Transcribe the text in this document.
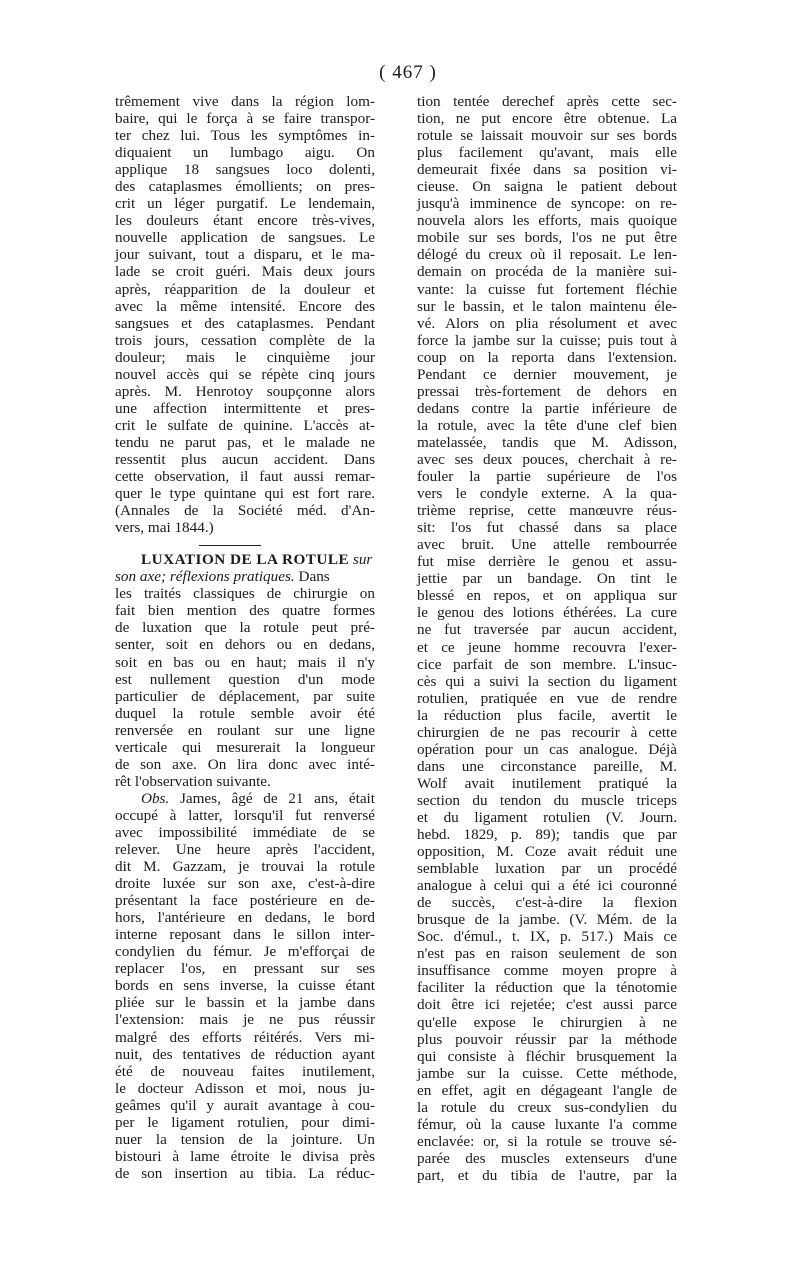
( 467 )

trêmement vive dans la région lom-
baire, qui le força à se faire transpor-
ter chez lui. Tous les symptômes in-
diquaient un lumbago aigu. On
applique 18 sangsues loco dolenti,
des cataplasmes émollients; on pres-
crit un léger purgatif. Le lendemain,
les douleurs étant encore très-vives,
nouvelle application de sangsues. Le
jour suivant, tout a disparu, et le ma-
lade se croit guéri. Mais deux jours
après, réapparition de la douleur et
avec la même intensité. Encore des
sangsues et des cataplasmes. Pendant
trois jours, cessation complète de la
douleur; mais le cinquième jour
nouvel accès qui se répète cinq jours
après. M. Henrotoy soupçonne alors
une affection intermittente et pres-
crit le sulfate de quinine. L'accès at-
tendu ne parut pas, et le malade ne
ressentit plus aucun accident. Dans
cette observation, il faut aussi remar-
quer le type quintane qui est fort rare.
(Annales de la Société méd. d'An-
vers, mai 1844.)

LUXATION DE LA ROTULE sur son axe; réflexions pratiques. Dans

les traités classiques de chirurgie on
fait bien mention des quatre formes
de luxation que la rotule peut pré-
senter, soit en dehors ou en dedans,
soit en bas ou en haut; mais il n'y
est nullement question d'un mode
particulier de déplacement, par suite
duquel la rotule semble avoir été
renversée en roulant sur une ligne
verticale qui mesurerait la longueur
de son axe. On lira donc avec inté-
rêt l'observation suivante.

Obs. James, âgé de 21 ans, était
occupé à latter, lorsqu'il fut renversé
avec impossibilité immédiate de se
relever. Une heure après l'accident,
dit M. Gazzam, je trouvai la rotule
droite luxée sur son axe, c'est-à-dire
présentant la face postérieure en de-
hors, l'antérieure en dedans, le bord
interne reposant dans le sillon inter-
condylien du fémur. Je m'efforçai de
replacer l'os, en pressant sur ses
bords en sens inverse, la cuisse étant
pliée sur le bassin et la jambe dans
l'extension: mais je ne pus réussir
malgré des efforts réitérés. Vers mi-
nuit, des tentatives de réduction ayant
été de nouveau faites inutilement,
le docteur Adisson et moi, nous ju-
geâmes qu'il y aurait avantage à cou-
per le ligament rotulien, pour dimi-
nuer la tension de la jointure. Un
bistouri à lame étroite le divisa près
de son insertion au tibia. La réduc-

tion tentée derechef après cette sec-
tion, ne put encore être obtenue. La
rotule se laissait mouvoir sur ses bords
plus facilement qu'avant, mais elle
demeurait fixée dans sa position vi-
cieuse. On saigna le patient debout
jusqu'à imminence de syncope: on re-
nouvela alors les efforts, mais quoique
mobile sur ses bords, l'os ne put être
délogé du creux où il reposait. Le len-
demain on procéda de la manière sui-
vante: la cuisse fut fortement fléchie
sur le bassin, et le talon maintenu éle-
vé. Alors on plia résolument et avec
force la jambe sur la cuisse; puis tout à
coup on la reporta dans l'extension.
Pendant ce dernier mouvement, je
pressai très-fortement de dehors en
dedans contre la partie inférieure de
la rotule, avec la tête d'une clef bien
matelassée, tandis que M. Adisson,
avec ses deux pouces, cherchait à re-
fouler la partie supérieure de l'os
vers le condyle externe. A la qua-
trième reprise, cette manœuvre réus-
sit: l'os fut chassé dans sa place
avec bruit. Une attelle rembourrée
fut mise derrière le genou et assu-
jettie par un bandage. On tint le
blessé en repos, et on appliqua sur
le genou des lotions éthérées. La cure
ne fut traversée par aucun accident,
et ce jeune homme recouvra l'exer-
cice parfait de son membre. L'insuc-
cès qui a suivi la section du ligament
rotulien, pratiquée en vue de rendre
la réduction plus facile, avertit le
chirurgien de ne pas recourir à cette
opération pour un cas analogue. Déjà
dans une circonstance pareille, M.
Wolf avait inutilement pratiqué la
section du tendon du muscle triceps
et du ligament rotulien (V. Journ.
hebd. 1829, p. 89); tandis que par
opposition, M. Coze avait réduit une
semblable luxation par un procédé
analogue à celui qui a été ici couronné
de succès, c'est-à-dire la flexion
brusque de la jambe. (V. Mém. de la
Soc. d'émul., t. IX, p. 517.) Mais ce
n'est pas en raison seulement de son
insuffisance comme moyen propre à
faciliter la réduction que la ténotomie
doit être ici rejetée; c'est aussi parce
qu'elle expose le chirurgien à ne
plus pouvoir réussir par la méthode
qui consiste à fléchir brusquement la
jambe sur la cuisse. Cette méthode,
en effet, agit en dégageant l'angle de
la rotule du creux sus-condylien du
fémur, où la cause luxante l'a comme
enclavée: or, si la rotule se trouve sé-
parée des muscles extenseurs d'une
part, et du tibia de l'autre, par la
